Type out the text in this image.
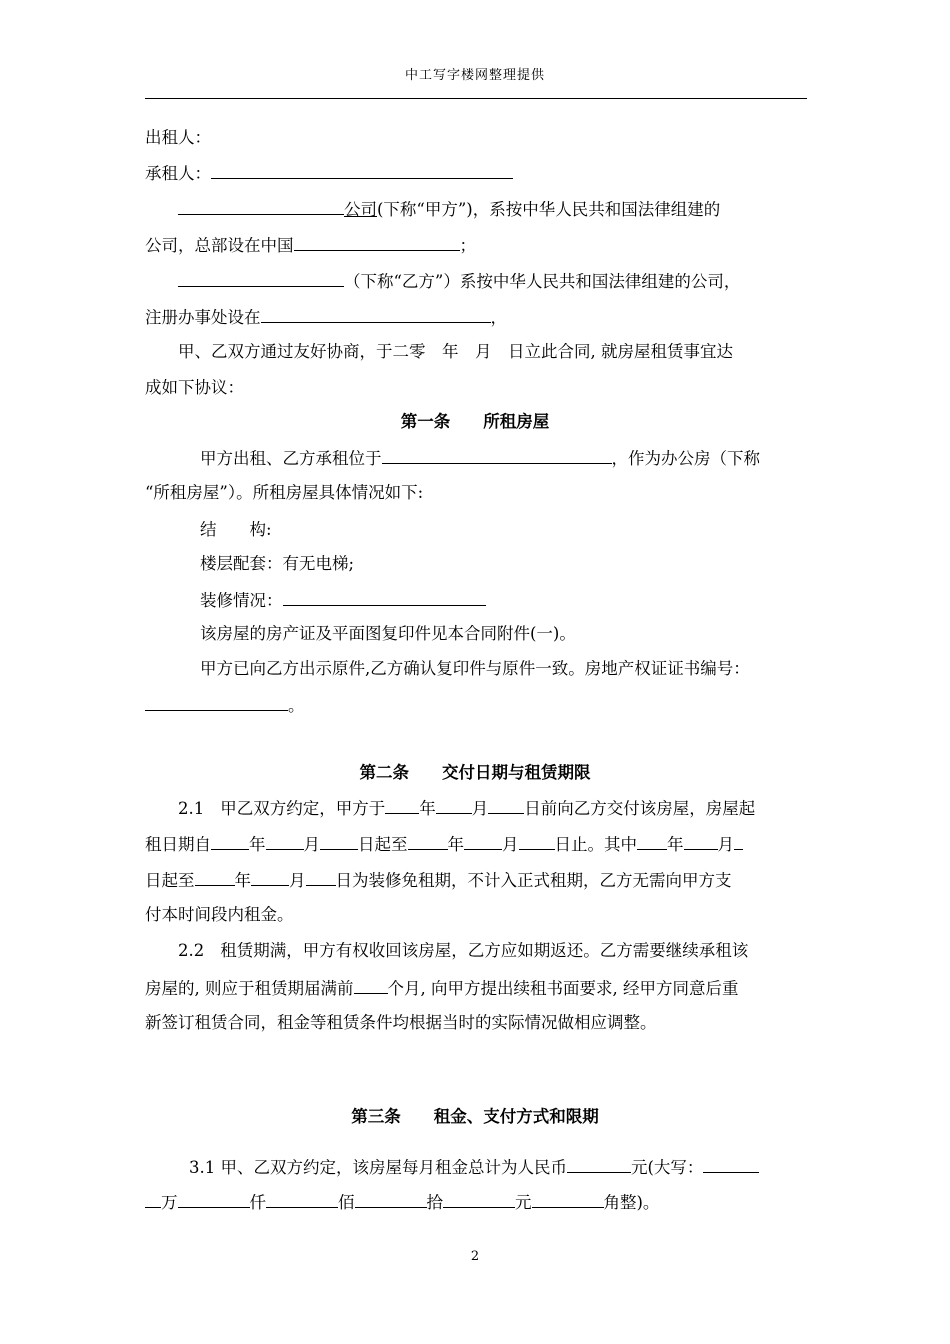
中工写字楼网整理提供
出租人：
承租人：
公司(下称“甲方”)，系按中华人民共和国法律组建的
公司，总部设在中国	；
（下称“乙方”）系按中华人民共和国法律组建的公司，
注册办事处设在	，
甲、乙双方通过友好协商，于二零　年　月　日立此合同, 就房屋租赁事宜达
成如下协议：
第一条　　所租房屋
甲方出租、乙方承租位于	，作为办公房（下称
“所租房屋”）。所租房屋具体情况如下:
结　　构:
楼层配套：有无电梯;
装修情况：
该房屋的房产证及平面图复印件见本合同附件(一)。
甲方已向乙方出示原件,乙方确认复印件与原件一致。房地产权证证书编号：
。
第二条　　交付日期与租赁期限
2.1 甲乙双方约定，甲方于 年 月 日前向乙方交付该房屋，房屋起
租日期自 年 月 日起至 年 月 日止。其中 年 月
日起至 年 月 日为装修免租期，不计入正式租期，乙方无需向甲方支
付本时间段内租金。
2.2 租赁期满，甲方有权收回该房屋，乙方应如期返还。乙方需要继续承租该
房屋的, 则应于租赁期届满前 个月, 向甲方提出续租书面要求, 经甲方同意后重
新签订租赁合同，租金等租赁条件均根据当时的实际情况做相应调整。
第三条　　租金、支付方式和限期
3.1 甲、乙双方约定，该房屋每月租金总计为人民币	元(大写：
万	仟	佰	拾	元	角整)。
2
